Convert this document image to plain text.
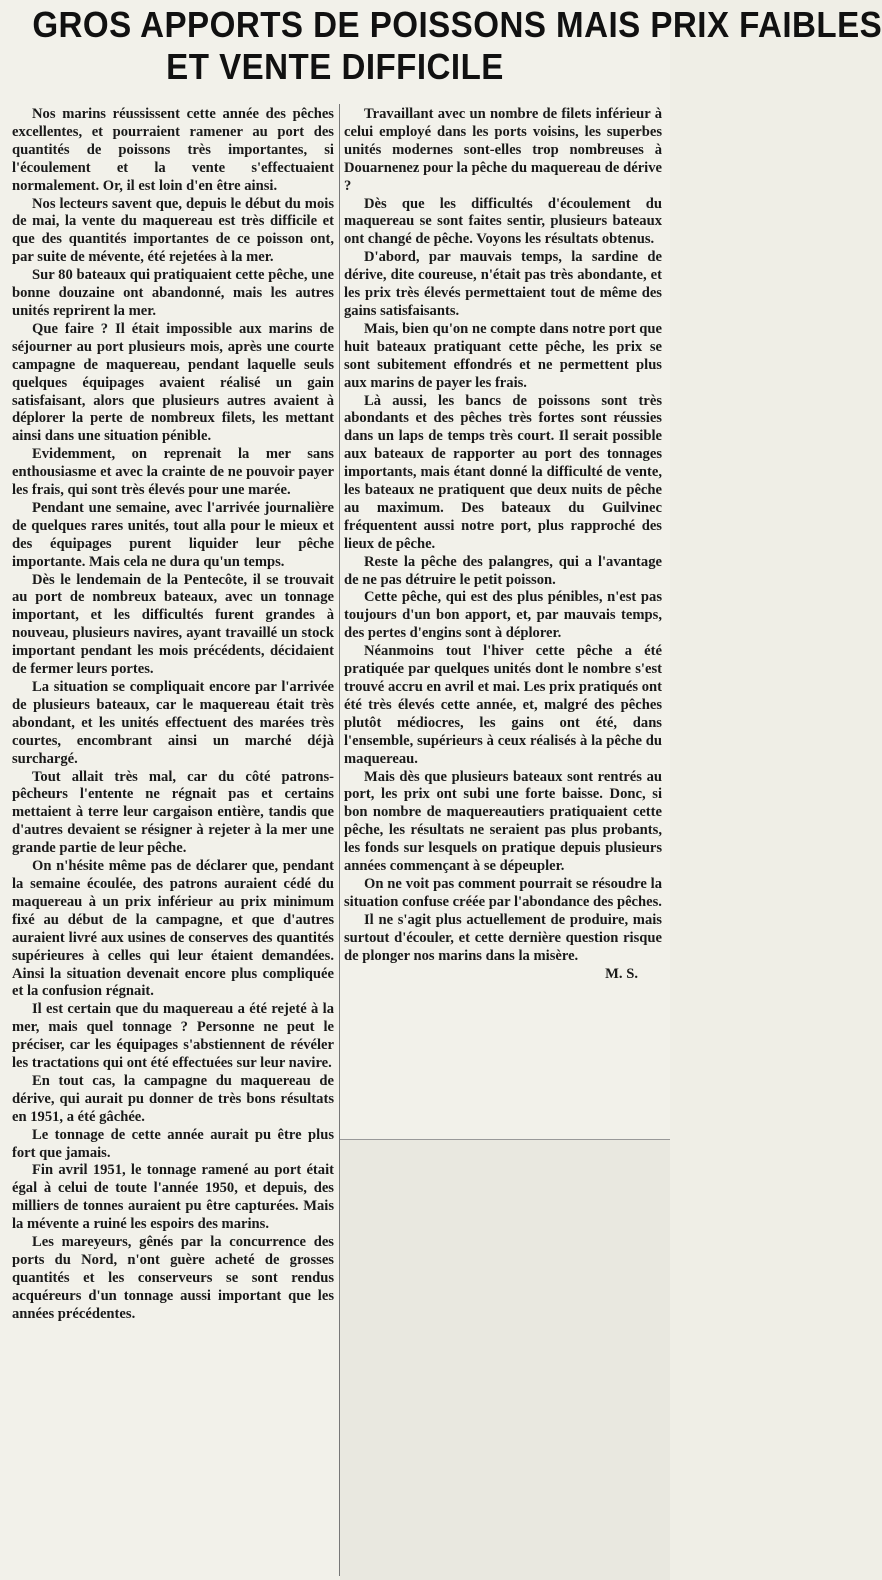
GROS APPORTS DE POISSONS MAIS PRIX FAIBLES
ET VENTE DIFFICILE

Nos marins réussissent cette année des pêches excellentes, et pourraient ramener au port des quantités de poissons très importantes, si l'écoulement et la vente s'effectuaient normalement. Or, il est loin d'en être ainsi.

Nos lecteurs savent que, depuis le début du mois de mai, la vente du maquereau est très difficile et que des quantités importantes de ce poisson ont, par suite de mévente, été rejetées à la mer.

Sur 80 bateaux qui pratiquaient cette pêche, une bonne douzaine ont abandonné, mais les autres unités reprirent la mer.

Que faire ? Il était impossible aux marins de séjourner au port plusieurs mois, après une courte campagne de maquereau, pendant laquelle seuls quelques équipages avaient réalisé un gain satisfaisant, alors que plusieurs autres avaient à déplorer la perte de nombreux filets, les mettant ainsi dans une situation pénible.

Evidemment, on reprenait la mer sans enthousiasme et avec la crainte de ne pouvoir payer les frais, qui sont très élevés pour une marée.

Pendant une semaine, avec l'arrivée journalière de quelques rares unités, tout alla pour le mieux et des équipages purent liquider leur pêche importante. Mais cela ne dura qu'un temps.

Dès le lendemain de la Pentecôte, il se trouvait au port de nombreux bateaux, avec un tonnage important, et les difficultés furent grandes à nouveau, plusieurs navires, ayant travaillé un stock important pendant les mois précédents, décidaient de fermer leurs portes.

La situation se compliquait encore par l'arrivée de plusieurs bateaux, car le maquereau était très abondant, et les unités effectuent des marées très courtes, encombrant ainsi un marché déjà surchargé.

Tout allait très mal, car du côté patrons-pêcheurs l'entente ne régnait pas et certains mettaient à terre leur cargaison entière, tandis que d'autres devaient se résigner à rejeter à la mer une grande partie de leur pêche.

On n'hésite même pas de déclarer que, pendant la semaine écoulée, des patrons auraient cédé du maquereau à un prix inférieur au prix minimum fixé au début de la campagne, et que d'autres auraient livré aux usines de conserves des quantités supérieures à celles qui leur étaient demandées. Ainsi la situation devenait encore plus compliquée et la confusion régnait.

Il est certain que du maquereau a été rejeté à la mer, mais quel tonnage ? Personne ne peut le préciser, car les équipages s'abstiennent de révéler les tractations qui ont été effectuées sur leur navire.

En tout cas, la campagne du maquereau de dérive, qui aurait pu donner de très bons résultats en 1951, a été gâchée.

Le tonnage de cette année aurait pu être plus fort que jamais.

Fin avril 1951, le tonnage ramené au port était égal à celui de toute l'année 1950, et depuis, des milliers de tonnes auraient pu être capturées. Mais la mévente a ruiné les espoirs des marins.

Les mareyeurs, gênés par la concurrence des ports du Nord, n'ont guère acheté de grosses quantités et les conserveurs se sont rendus acquéreurs d'un tonnage aussi important que les années précédentes.

Travaillant avec un nombre de filets inférieur à celui employé dans les ports voisins, les superbes unités modernes sont-elles trop nombreuses à Douarnenez pour la pêche du maquereau de dérive ?

Dès que les difficultés d'écoulement du maquereau se sont faites sentir, plusieurs bateaux ont changé de pêche. Voyons les résultats obtenus.

D'abord, par mauvais temps, la sardine de dérive, dite coureuse, n'était pas très abondante, et les prix très élevés permettaient tout de même des gains satisfaisants.

Mais, bien qu'on ne compte dans notre port que huit bateaux pratiquant cette pêche, les prix se sont subitement effondrés et ne permettent plus aux marins de payer les frais.

Là aussi, les bancs de poissons sont très abondants et des pêches très fortes sont réussies dans un laps de temps très court. Il serait possible aux bateaux de rapporter au port des tonnages importants, mais étant donné la difficulté de vente, les bateaux ne pratiquent que deux nuits de pêche au maximum. Des bateaux du Guilvinec fréquentent aussi notre port, plus rapproché des lieux de pêche.

Reste la pêche des palangres, qui a l'avantage de ne pas détruire le petit poisson.

Cette pêche, qui est des plus pénibles, n'est pas toujours d'un bon apport, et, par mauvais temps, des pertes d'engins sont à déplorer.

Néanmoins tout l'hiver cette pêche a été pratiquée par quelques unités dont le nombre s'est trouvé accru en avril et mai. Les prix pratiqués ont été très élevés cette année, et, malgré des pêches plutôt médiocres, les gains ont été, dans l'ensemble, supérieurs à ceux réalisés à la pêche du maquereau.

Mais dès que plusieurs bateaux sont rentrés au port, les prix ont subi une forte baisse. Donc, si bon nombre de maquereautiers pratiquaient cette pêche, les résultats ne seraient pas plus probants, les fonds sur lesquels on pratique depuis plusieurs années commençant à se dépeupler.

On ne voit pas comment pourrait se résoudre la situation confuse créée par l'abondance des pêches.

Il ne s'agit plus actuellement de produire, mais surtout d'écouler, et cette dernière question risque de plonger nos marins dans la misère.

M. S.
